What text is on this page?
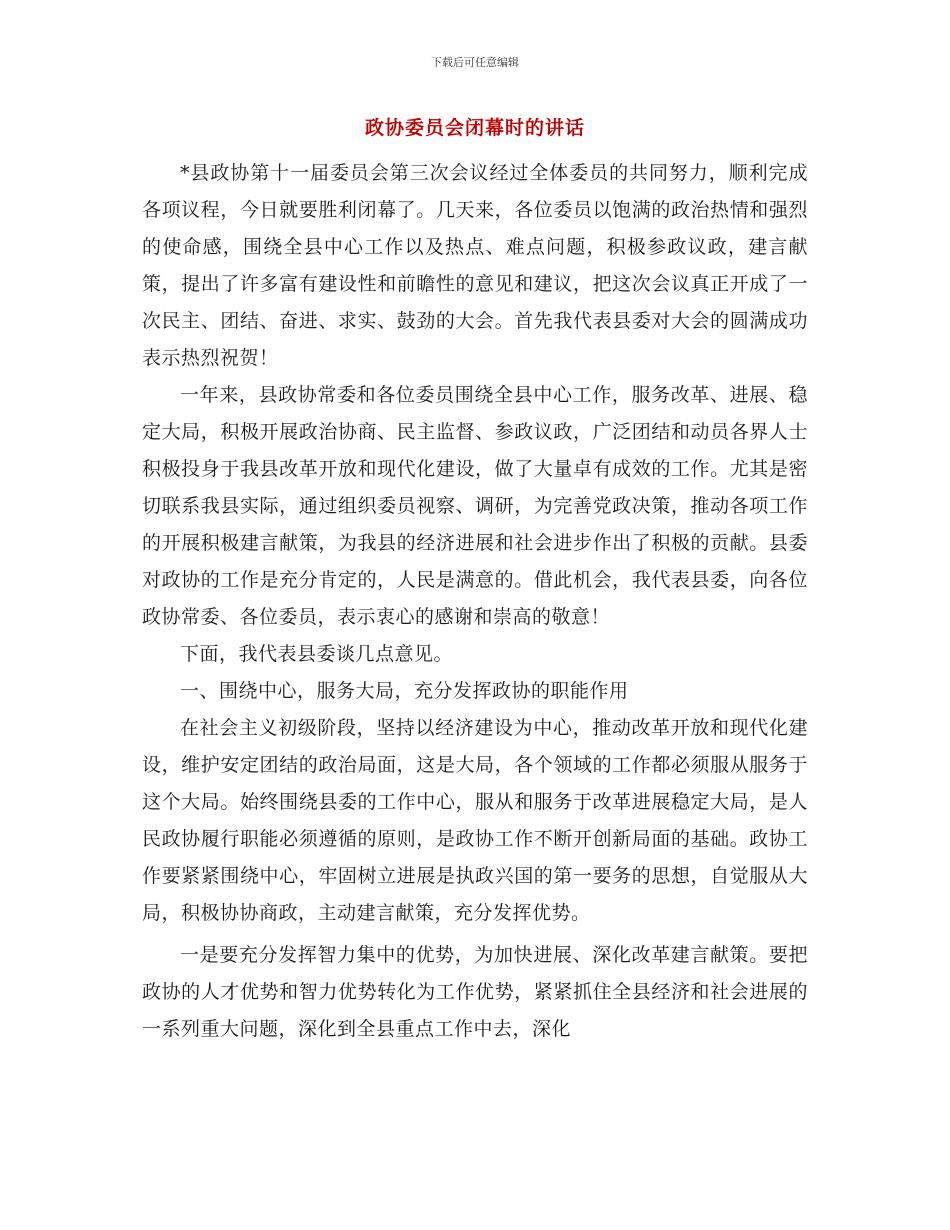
下载后可任意编辑
政协委员会闭幕时的讲话

*县政协第十一届委员会第三次会议经过全体委员的共同努力，顺利完成各项议程，今日就要胜利闭幕了。几天来，各位委员以饱满的政治热情和强烈的使命感，围绕全县中心工作以及热点、难点问题，积极参政议政，建言献策，提出了许多富有建设性和前瞻性的意见和建议，把这次会议真正开成了一次民主、团结、奋进、求实、鼓劲的大会。首先我代表县委对大会的圆满成功表示热烈祝贺！

一年来，县政协常委和各位委员围绕全县中心工作，服务改革、进展、稳定大局，积极开展政治协商、民主监督、参政议政，广泛团结和动员各界人士积极投身于我县改革开放和现代化建设，做了大量卓有成效的工作。尤其是密切联系我县实际，通过组织委员视察、调研，为完善党政决策，推动各项工作的开展积极建言献策，为我县的经济进展和社会进步作出了积极的贡献。县委对政协的工作是充分肯定的，人民是满意的。借此机会，我代表县委，向各位政协常委、各位委员，表示衷心的感谢和崇高的敬意！

下面，我代表县委谈几点意见。

一、围绕中心，服务大局，充分发挥政协的职能作用

在社会主义初级阶段，坚持以经济建设为中心，推动改革开放和现代化建设，维护安定团结的政治局面，这是大局，各个领域的工作都必须服从服务于这个大局。始终围绕县委的工作中心，服从和服务于改革进展稳定大局，是人民政协履行职能必须遵循的原则，是政协工作不断开创新局面的基础。政协工作要紧紧围绕中心，牢固树立进展是执政兴国的第一要务的思想，自觉服从大局，积极协协商政，主动建言献策，充分发挥优势。

一是要充分发挥智力集中的优势，为加快进展、深化改革建言献策。要把政协的人才优势和智力优势转化为工作优势，紧紧抓住全县经济和社会进展的一系列重大问题，深化到全县重点工作中去，深化
